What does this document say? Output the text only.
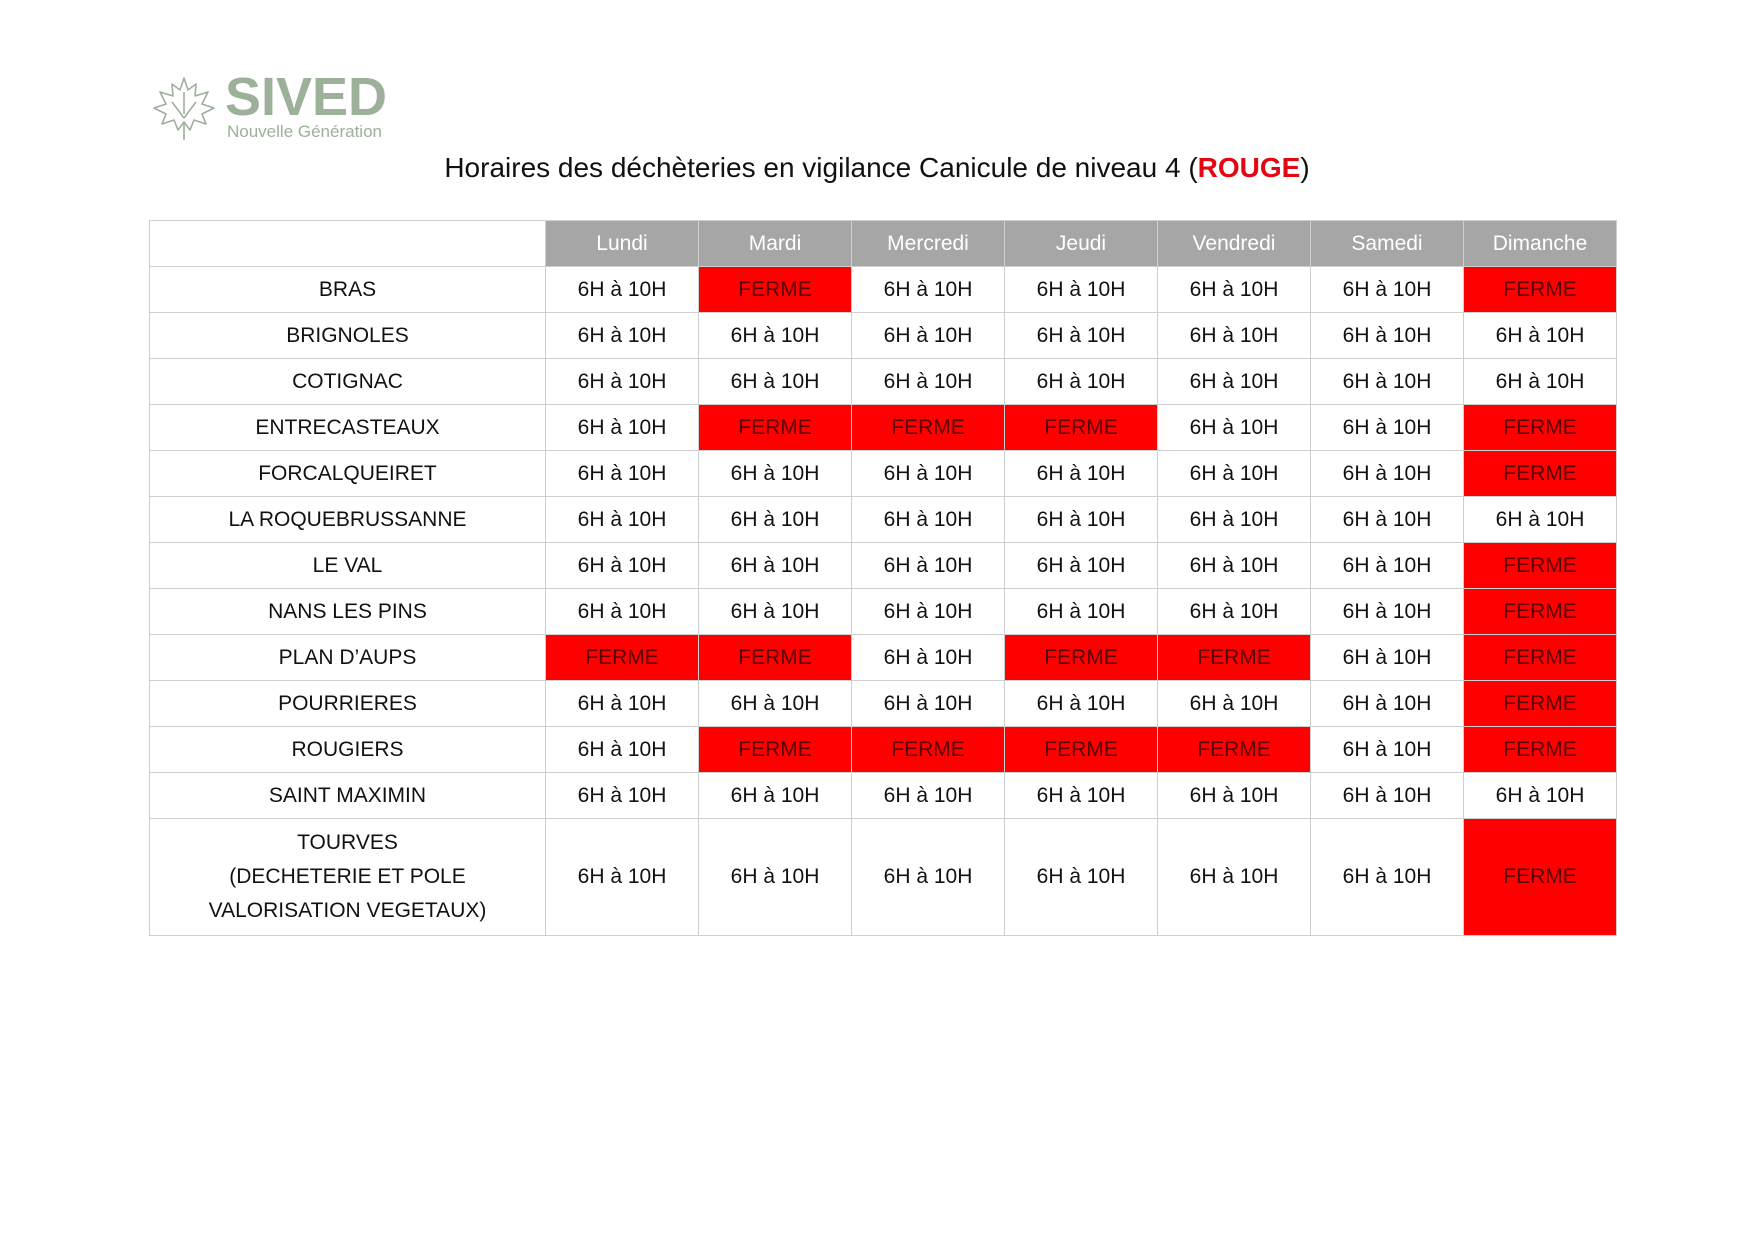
SIVED
Nouvelle Génération
Horaires des déchèteries en vigilance Canicule de niveau 4 (ROUGE)
	Lundi	Mardi	Mercredi	Jeudi	Vendredi	Samedi	Dimanche
BRAS	6H à 10H	FERME	6H à 10H	6H à 10H	6H à 10H	6H à 10H	FERME
BRIGNOLES	6H à 10H	6H à 10H	6H à 10H	6H à 10H	6H à 10H	6H à 10H	6H à 10H
COTIGNAC	6H à 10H	6H à 10H	6H à 10H	6H à 10H	6H à 10H	6H à 10H	6H à 10H
ENTRECASTEAUX	6H à 10H	FERME	FERME	FERME	6H à 10H	6H à 10H	FERME
FORCALQUEIRET	6H à 10H	6H à 10H	6H à 10H	6H à 10H	6H à 10H	6H à 10H	FERME
LA ROQUEBRUSSANNE	6H à 10H	6H à 10H	6H à 10H	6H à 10H	6H à 10H	6H à 10H	6H à 10H
LE VAL	6H à 10H	6H à 10H	6H à 10H	6H à 10H	6H à 10H	6H à 10H	FERME
NANS LES PINS	6H à 10H	6H à 10H	6H à 10H	6H à 10H	6H à 10H	6H à 10H	FERME
PLAN D’AUPS	FERME	FERME	6H à 10H	FERME	FERME	6H à 10H	FERME
POURRIERES	6H à 10H	6H à 10H	6H à 10H	6H à 10H	6H à 10H	6H à 10H	FERME
ROUGIERS	6H à 10H	FERME	FERME	FERME	FERME	6H à 10H	FERME
SAINT MAXIMIN	6H à 10H	6H à 10H	6H à 10H	6H à 10H	6H à 10H	6H à 10H	6H à 10H

TOURVES
(DECHETERIE ET POLE
VALORISATION VEGETAUX)	6H à 10H	6H à 10H	6H à 10H	6H à 10H	6H à 10H	6H à 10H	FERME
